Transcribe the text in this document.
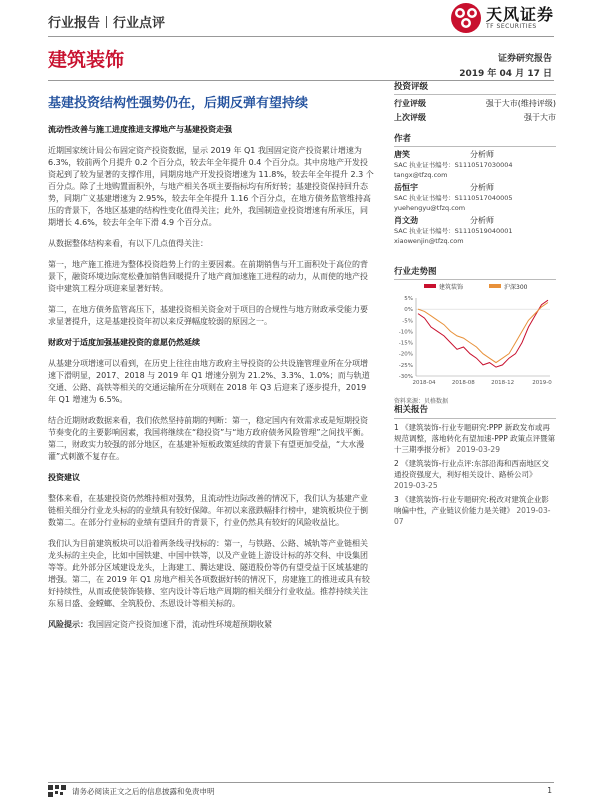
行业报告 行业点评	天风证券
TF SECURITIES
建筑装饰	证券研究报告
2019 年 04 月 17 日
基建投资结构性强势仍在，后期反弹有望持续
流动性改善与施工进度推进支撑地产与基建投资走强

近期国家统计局公布固定资产投资数据，显示 2019 年 Q1 我国固定资产投资累计增速为 6.3%，较前两个月提升 0.2 个百分点，较去年全年提升 0.4 个百分点。其中房地产开发投资起到了较为显著的支撑作用，同期房地产开发投资增速为 11.8%，较去年全年提升 2.3 个百分点。除了土地购置面积外，与地产相关各项主要指标均有所好转；基建投资保持回升态势，同期广义基建增速为 2.95%，较去年全年提升 1.16 个百分点，在地方债务监管维持高压的背景下，各地区基建的结构性变化值得关注；此外，我国制造业投资增速有所承压，同期增长 4.6%，较去年全年下滑 4.9 个百分点。

从数据整体结构来看，有以下几点值得关注：

第一，地产施工推进为整体投资趋势上行的主要因素。在前期销售与开工面积处于高位的背景下，融资环境边际宽松叠加销售回暖提升了地产商加速施工进程的动力，从而使的地产投资中建筑工程分项迎来显著好转。

第二，在地方债务监管高压下，基建投资相关资金对于项目的合规性与地方财政承受能力要求显著提升，这是基建投资年初以来反弹幅度较弱的原因之一。

财政对于适度加强基建投资的意愿仍然延续

从基建分项增速可以看到，在历史上往往由地方政府主导投资的公共设施管理业所在分项增速下滑明显，2017、2018 与 2019 年 Q1 增速分别为 21.2%、3.3%、1.0%；而与轨道交通、公路、高铁等相关的交通运输所在分项则在 2018 年 Q3 后迎来了逐步提升，2019 年 Q1 增速为 6.5%。

结合近期财政数据来看，我们依然坚持前期的判断：第一，稳定国内有效需求或是短期投资节奏变化的主要影响因素，我国将继续在“稳投资”与“地方政府债务风险管理”之间找平衡。第二，财政实力较强的部分地区，在基建补短板政策延续的背景下有望更加受益，“大水漫灌”式刺激不复存在。

投资建议

整体来看，在基建投资仍然维持相对强势，且流动性边际改善的情况下，我们认为基建产业链相关细分行业龙头标的的业绩具有较好保障。年初以来涨跌幅排行榜中，建筑板块位于倒数第二。在部分行业标的业绩有望回升的背景下，行业仍然具有较好的风险收益比。

我们认为目前建筑板块可以沿着两条线寻找标的：第一，与铁路、公路、城轨等产业链相关龙头标的主央企，比如中国铁建、中国中铁等，以及产业链上游设计标的苏交科、中设集团等等。此外部分区域建设龙头，上海建工、腾达建设、隧道股份等仍有望受益于区域基建的增强。第二，在 2019 年 Q1 房地产相关各项数据好转的情况下，房建施工的推进或具有较好持续性，从而或使装饰装修、室内设计等后地产周期的相关细分行业收益。推荐持续关注东易日盛、金螳螂、全筑股份、杰恩设计等相关标的。

风险提示：我国固定资产投资加速下滑，流动性环境超预期收紧

投资评级
行业评级	强于大市(维持评级)
上次评级	强于大市
作者
唐笑	分析师
SAC 执业证书编号：S1110517030004
tangx@tfzq.com
岳恒宇	分析师
SAC 执业证书编号：S1110517040005
yuehengyu@tfzq.com
肖文劲	分析师
SAC 执业证书编号：S1110519040001
xiaowenjin@tfzq.com
行业走势图
建筑装饰	沪深300
5%
0%
-5%
-10%
-15%
-20%
-25%
-30%
2018-04	2018-08	2018-12	2019-0
资料来源：贝格数据
相关报告
1 《建筑装饰-行业专题研究:PPP 新政发布或再规范调整，落地转化有望加速-PPP 政策点评暨第十三期季报分析》 2019-03-29
2 《建筑装饰-行业点评:东部沿海和西南地区交通投资强度大，利好相关设计、路桥公司》 2019-03-25
3 《建筑装饰-行业专题研究:税改对建筑企业影响偏中性，产业链议价能力是关键》 2019-03-07
请务必阅读正文之后的信息披露和免责申明	1
